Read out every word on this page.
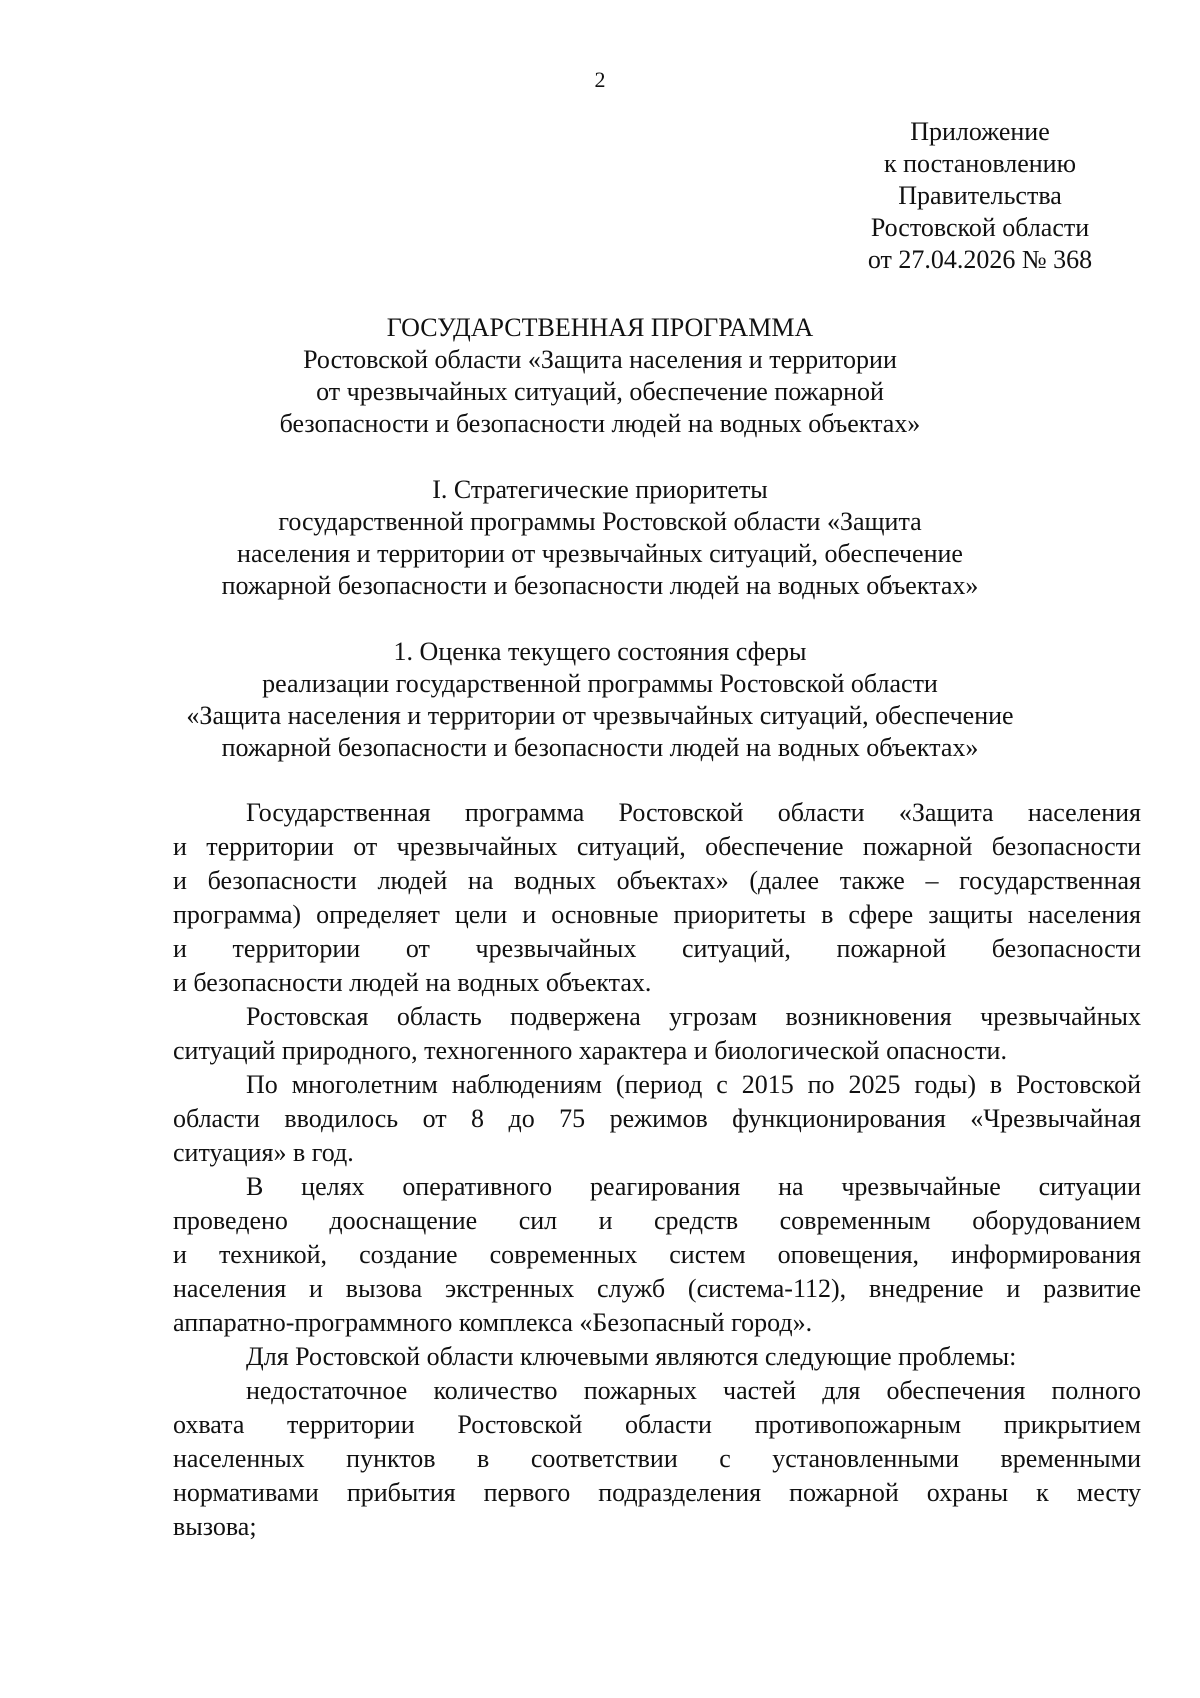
2
Приложение
к постановлению
Правительства
Ростовской области
от 27.04.2026 № 368
ГОСУДАРСТВЕННАЯ ПРОГРАММА
Ростовской области «Защита населения и территории
от чрезвычайных ситуаций, обеспечение пожарной
безопасности и безопасности людей на водных объектах»
I. Стратегические приоритеты
государственной программы Ростовской области «Защита
населения и территории от чрезвычайных ситуаций, обеспечение
пожарной безопасности и безопасности людей на водных объектах»
1. Оценка текущего состояния сферы
реализации государственной программы Ростовской области
«Защита населения и территории от чрезвычайных ситуаций, обеспечение
пожарной безопасности и безопасности людей на водных объектах»
Государственная программа Ростовской области «Защита населения
и территории от чрезвычайных ситуаций, обеспечение пожарной безопасности
и безопасности людей на водных объектах» (далее также – государственная
программа) определяет цели и основные приоритеты в сфере защиты населения
и территории от чрезвычайных ситуаций, пожарной безопасности
и безопасности людей на водных объектах.
Ростовская область подвержена угрозам возникновения чрезвычайных
ситуаций природного, техногенного характера и биологической опасности.
По многолетним наблюдениям (период с 2015 по 2025 годы) в Ростовской
области вводилось от 8 до 75 режимов функционирования «Чрезвычайная
ситуация» в год.
В целях оперативного реагирования на чрезвычайные ситуации
проведено дооснащение сил и средств современным оборудованием
и техникой, создание современных систем оповещения, информирования
населения и вызова экстренных служб (система-112), внедрение и развитие
аппаратно-программного комплекса «Безопасный город».
Для Ростовской области ключевыми являются следующие проблемы:
недостаточное количество пожарных частей для обеспечения полного
охвата территории Ростовской области противопожарным прикрытием
населенных пунктов в соответствии с установленными временными
нормативами прибытия первого подразделения пожарной охраны к месту
вызова;
